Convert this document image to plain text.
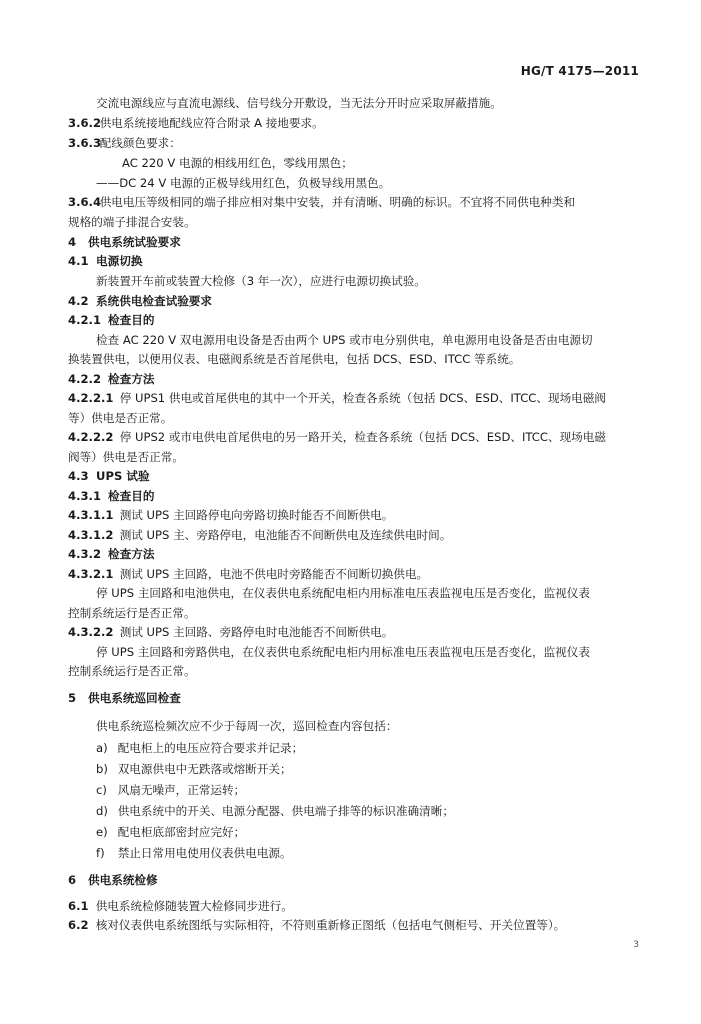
HG/T 4175—2011
交流电源线应与直流电源线、信号线分开敷设，当无法分开时应采取屏蔽措施。
3.6.2 供电系统接地配线应符合附录 A 接地要求。
3.6.3 配线颜色要求：
AC 220 V 电源的相线用红色，零线用黑色；
——DC 24 V 电源的正极导线用红色，负极导线用黑色。
3.6.4 供电电压等级相同的端子排应相对集中安装，并有清晰、明确的标识。不宜将不同供电种类和
规格的端子排混合安装。
4 供电系统试验要求
4.1 电源切换
新装置开车前或装置大检修（3 年一次），应进行电源切换试验。
4.2 系统供电检查试验要求
4.2.1 检查目的
检查 AC 220 V 双电源用电设备是否由两个 UPS 或市电分别供电，单电源用电设备是否由电源切
换装置供电，以便用仪表、电磁阀系统是否首尾供电，包括 DCS、ESD、ITCC 等系统。
4.2.2 检查方法
4.2.2.1 停 UPS1 供电或首尾供电的其中一个开关，检查各系统（包括 DCS、ESD、ITCC、现场电磁阀
等）供电是否正常。
4.2.2.2 停 UPS2 或市电供电首尾供电的另一路开关，检查各系统（包括 DCS、ESD、ITCC、现场电磁
阀等）供电是否正常。
4.3 UPS 试验
4.3.1 检查目的
4.3.1.1 测试 UPS 主回路停电向旁路切换时能否不间断供电。
4.3.1.2 测试 UPS 主、旁路停电，电池能否不间断供电及连续供电时间。
4.3.2 检查方法
4.3.2.1 测试 UPS 主回路，电池不供电时旁路能否不间断切换供电。
停 UPS 主回路和电池供电，在仪表供电系统配电柜内用标准电压表监视电压是否变化，监视仪表
控制系统运行是否正常。
4.3.2.2 测试 UPS 主回路、旁路停电时电池能否不间断供电。
停 UPS 主回路和旁路供电，在仪表供电系统配电柜内用标准电压表监视电压是否变化，监视仪表
控制系统运行是否正常。
5 供电系统巡回检查
供电系统巡检频次应不少于每周一次，巡回检查内容包括：
a) 配电柜上的电压应符合要求并记录；
b) 双电源供电中无跌落或熔断开关；
c) 风扇无噪声，正常运转；
d) 供电系统中的开关、电源分配器、供电端子排等的标识准确清晰；
e) 配电柜底部密封应完好；
f) 禁止日常用电使用仪表供电电源。
6 供电系统检修
6.1 供电系统检修随装置大检修同步进行。
6.2 核对仪表供电系统图纸与实际相符，不符则重新修正图纸（包括电气侧柜号、开关位置等）。
3
